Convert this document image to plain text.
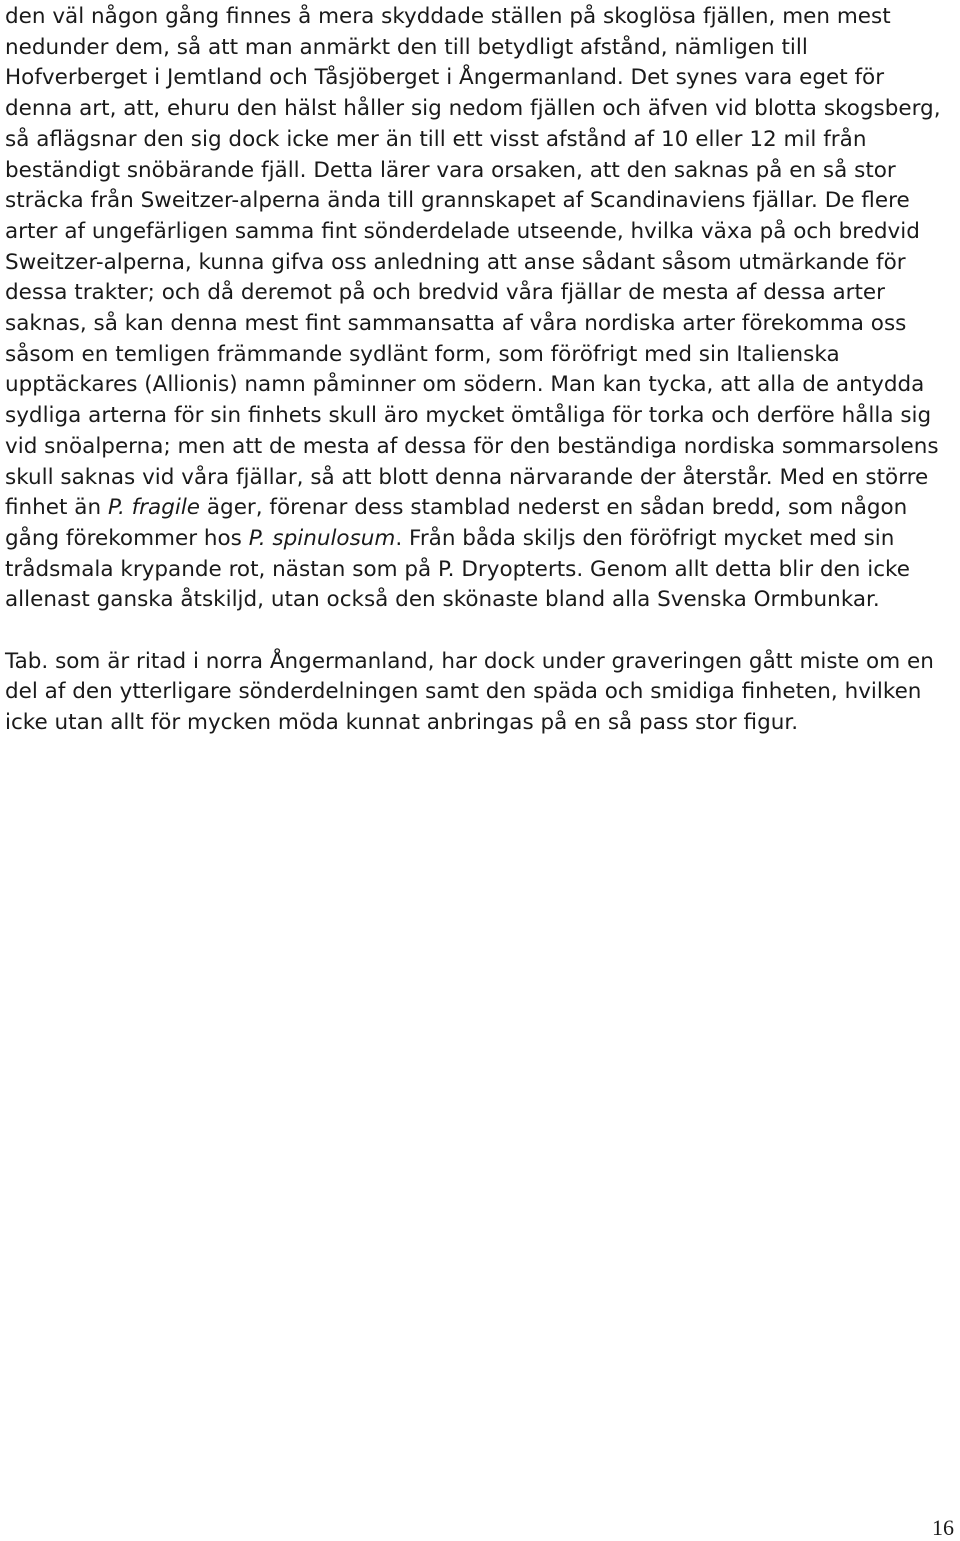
den väl någon gång finnes å mera skyddade ställen på skoglösa fjällen, men mest nedunder dem, så att man anmärkt den till betydligt afstånd, nämligen till Hofverberget i Jemtland och Tåsjöberget i Ångermanland. Det synes vara eget för denna art, att, ehuru den hälst håller sig nedom fjällen och äfven vid blotta skogsberg, så aflägsnar den sig dock icke mer än till ett visst afstånd af 10 eller 12 mil från beständigt snöbärande fjäll. Detta lärer vara orsaken, att den saknas på en så stor sträcka från Sweitzer-alperna ända till grannskapet af Scandinaviens fjällar. De flere arter af ungefärligen samma fint sönderdelade utseende, hvilka växa på och bredvid Sweitzer-alperna, kunna gifva oss anledning att anse sådant såsom utmärkande för dessa trakter; och då deremot på och bredvid våra fjällar de mesta af dessa arter saknas, så kan denna mest fint sammansatta af våra nordiska arter förekomma oss såsom en temligen främmande sydlänt form, som föröfrigt med sin Italienska upptäckares (Allionis) namn påminner om södern. Man kan tycka, att alla de antydda sydliga arterna för sin finhets skull äro mycket ömtåliga för torka och derföre hålla sig vid snöalperna; men att de mesta af dessa för den beständiga nordiska sommarsolens skull saknas vid våra fjällar, så att blott denna närvarande der återstår. Med en större finhet än P. fragile äger, förenar dess stamblad nederst en sådan bredd, som någon gång förekommer hos P. spinulosum. Från båda skiljs den föröfrigt mycket med sin trådsmala krypande rot, nästan som på P. Dryopterts. Genom allt detta blir den icke allenast ganska åtskiljd, utan också den skönaste bland alla Svenska Ormbunkar.

Tab. som är ritad i norra Ångermanland, har dock under graveringen gått miste om en del af den ytterligare sönderdelningen samt den späda och smidiga finheten, hvilken icke utan allt för mycken möda kunnat anbringas på en så pass stor figur.

16
